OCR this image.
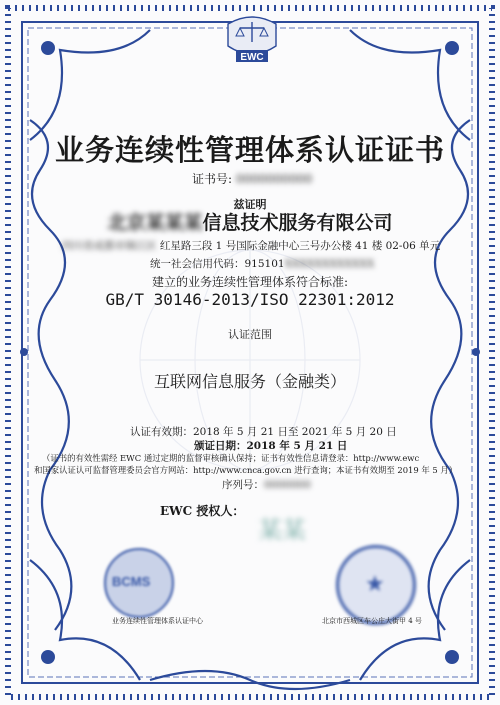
EWC
业务连续性管理体系认证证书
证书号: 0000000000
兹证明
北京某某某信息技术服务有限公司
四川省成都市锦江区 红星路三段 1 号国际金融中心三号办公楼 41 楼 02-06 单元
统一社会信用代码：915101XXXXXXXXXXXX
建立的业务连续性管理体系符合标准:
GB/T 30146-2013/ISO 22301:2012
认证范围
互联网信息服务（金融类）
认证有效期：2018 年 5 月 21 日至 2021 年 5 月 20 日
颁证日期：2018 年 5 月 21 日
（证书的有效性需经 EWC 通过定期的监督审核确认保持；证书有效性信息请登录：http://www.ewc
和国家认证认可监督管理委员会官方网站：http://www.cnca.gov.cn 进行查询；本证书有效期至 2019 年 5 月）
序列号：0000000
EWC 授权人：
某某
BCMS
业务连续性管理体系认证中心
★
北京市西城区车公庄大街甲 4 号
